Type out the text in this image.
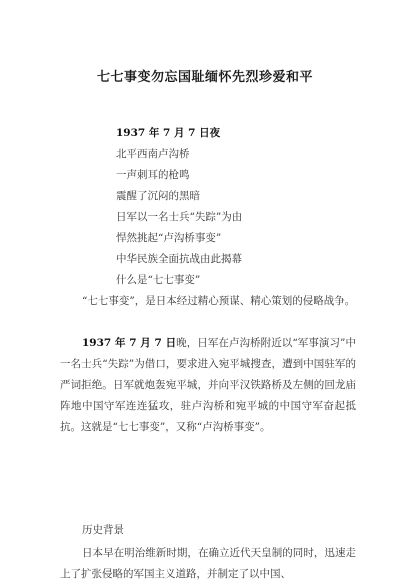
七七事变勿忘国耻缅怀先烈珍爱和平
1937 年 7 月 7 日夜
北平西南卢沟桥
一声刺耳的枪鸣
震醒了沉闷的黑暗
日军以一名士兵“失踪”为由
悍然挑起“卢沟桥事变”
中华民族全面抗战由此揭幕
什么是“七七事变”
“七七事变”，是日本经过精心预谋、精心策划的侵略战争。
1937 年 7 月 7 日晚，日军在卢沟桥附近以“军事演习”中一名士兵“失踪”为借口，要求进入宛平城搜查，遭到中国驻军的严词拒绝。日军就炮轰宛平城，并向平汉铁路桥及左侧的回龙庙阵地中国守军连连猛攻，驻卢沟桥和宛平城的中国守军奋起抵抗。这就是“七七事变”，又称“卢沟桥事变”。
历史背景
日本早在明治维新时期，在确立近代天皇制的同时，迅速走上了扩张侵略的军国主义道路，并制定了以中国、
